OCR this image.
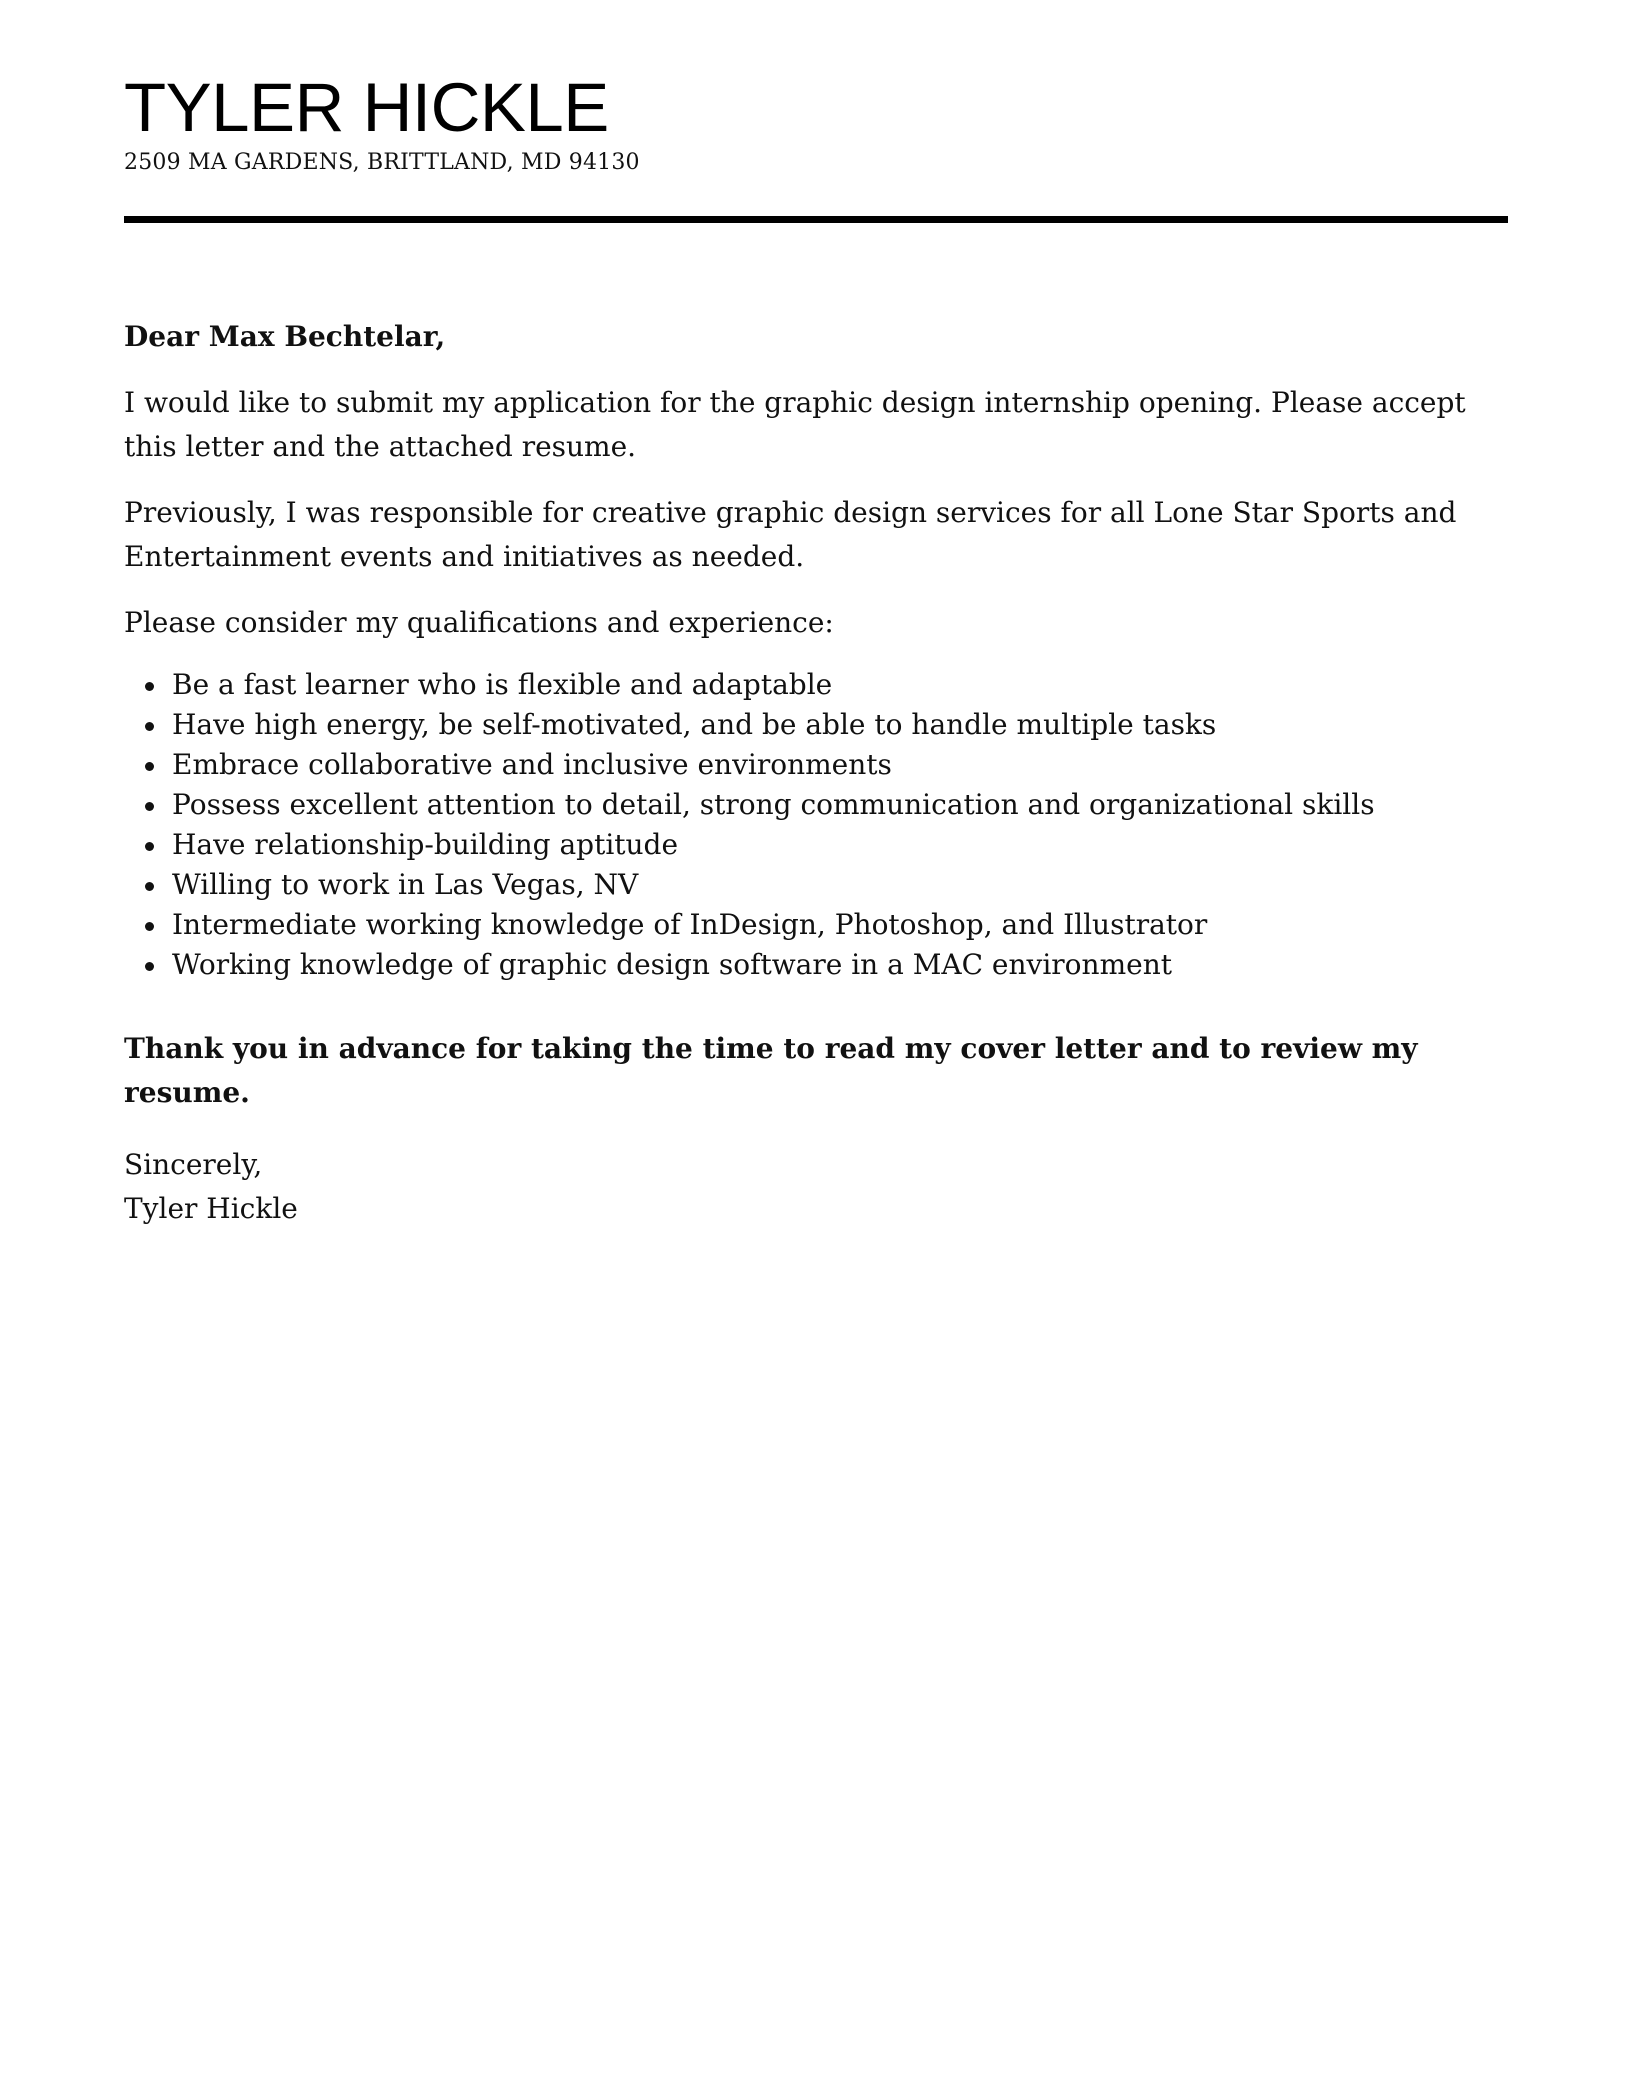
TYLER HICKLE
2509 MA GARDENS, BRITTLAND, MD 94130

Dear Max Bechtelar,

I would like to submit my application for the graphic design internship opening. Please accept this letter and the attached resume.

Previously, I was responsible for creative graphic design services for all Lone Star Sports and Entertainment events and initiatives as needed.

Please consider my qualifications and experience:

Be a fast learner who is flexible and adaptable
Have high energy, be self-motivated, and be able to handle multiple tasks
Embrace collaborative and inclusive environments
Possess excellent attention to detail, strong communication and organizational skills
Have relationship-building aptitude
Willing to work in Las Vegas, NV
Intermediate working knowledge of InDesign, Photoshop, and Illustrator
Working knowledge of graphic design software in a MAC environment

Thank you in advance for taking the time to read my cover letter and to review my resume.

Sincerely,
Tyler Hickle
